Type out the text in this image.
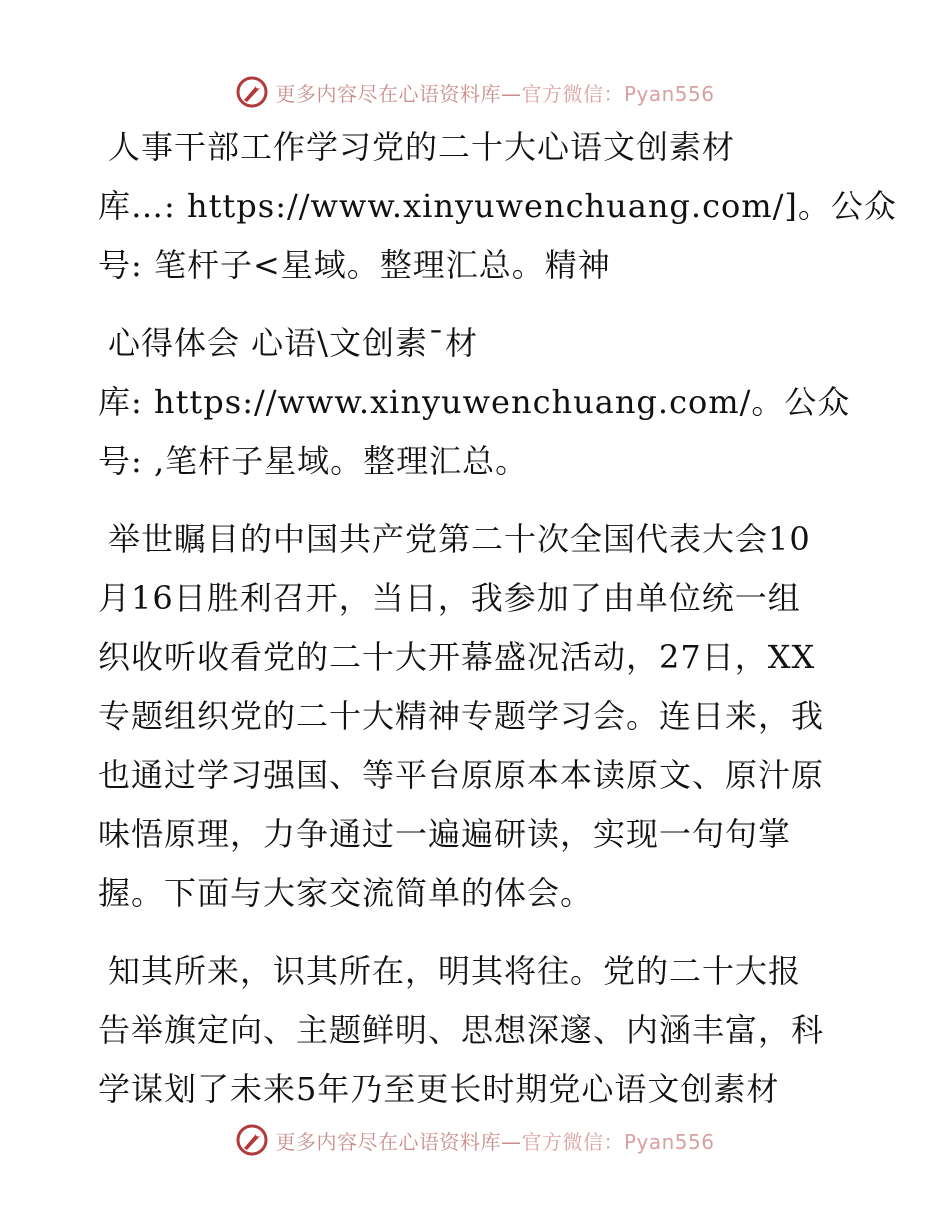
更多内容尽在心语资料库—官方微信：Pyan556
人事干部工作学习党的二十大心语文创素材
库…: https://www.xinyuwenchuang.com/]。公众
号: 笔杆子<星域。整理汇总。精神
心得体会 心语\文创素¯材
库: https://www.xinyuwenchuang.com/。公众
号: ,笔杆子星域。整理汇总。
举世瞩目的中国共产党第二十次全国代表大会10
月16日胜利召开，当日，我参加了由单位统一组
织收听收看党的二十大开幕盛况活动，27日，XX
专题组织党的二十大精神专题学习会。连日来，我
也通过学习强国、等平台原原本本读原文、原汁原
味悟原理，力争通过一遍遍研读，实现一句句掌
握。下面与大家交流简单的体会。
知其所来，识其所在，明其将往。党的二十大报
告举旗定向、主题鲜明、思想深邃、内涵丰富，科
学谋划了未来5年乃至更长时期党心语文创素材
更多内容尽在心语资料库—官方微信：Pyan556
